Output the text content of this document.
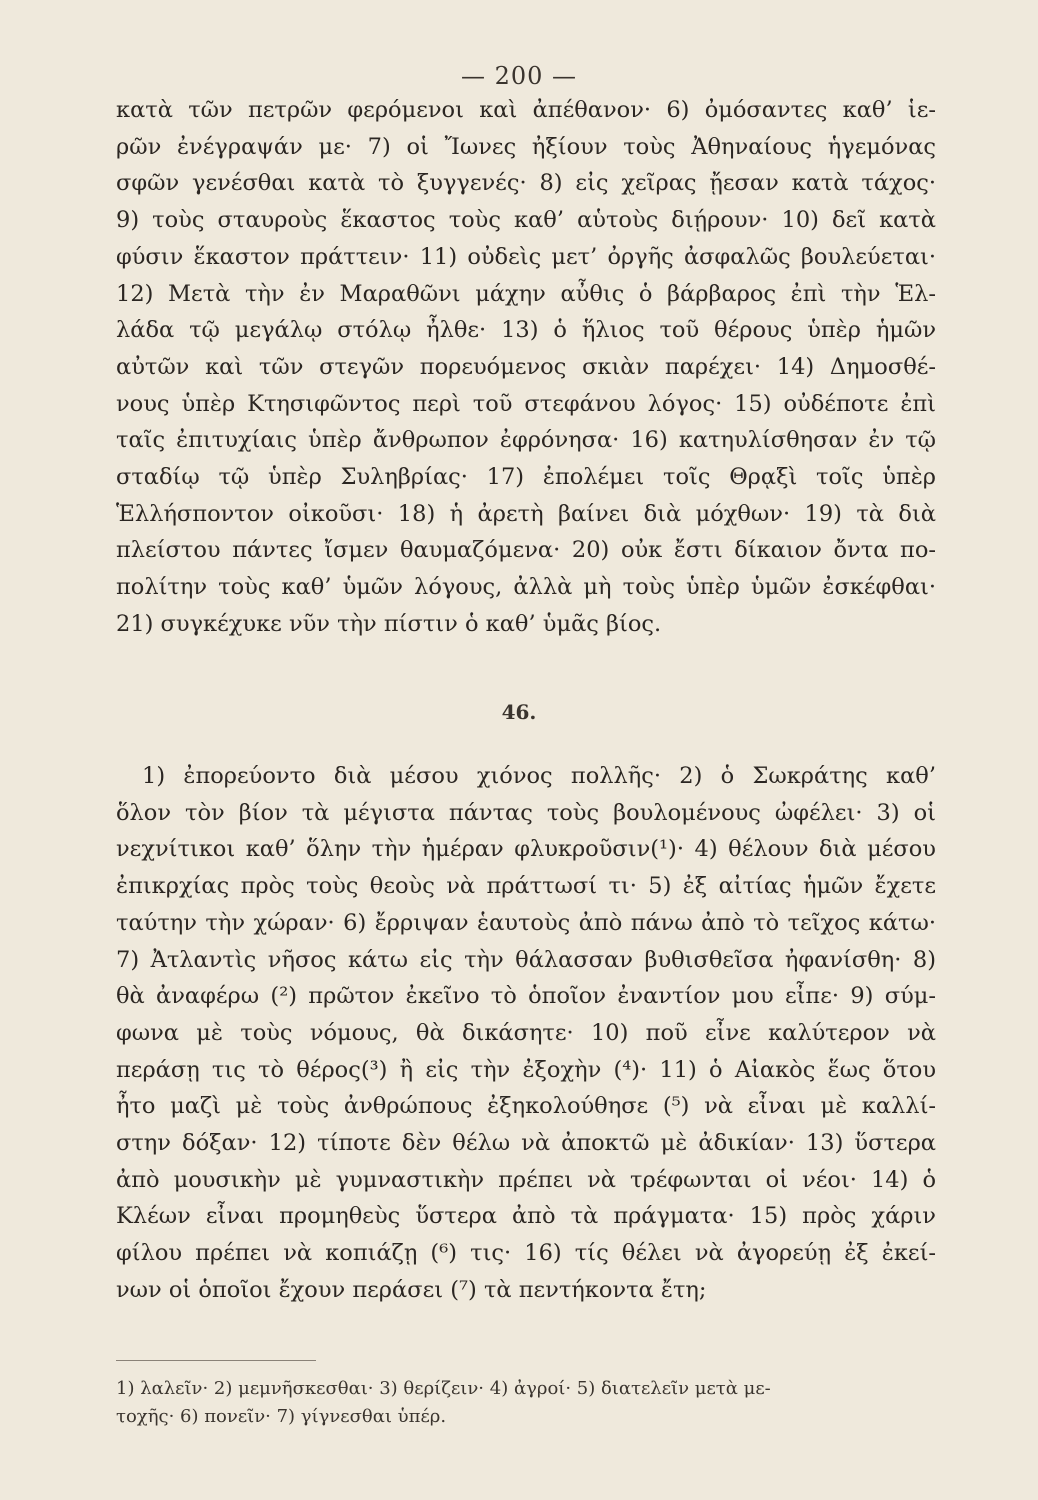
— 200 —
κατὰ τῶν πετρῶν φερόμενοι καὶ ἀπέθανον· 6) ὀμόσαντες καθ’ ἱε-
ρῶν ἐνέγραψάν με· 7) οἱ Ἴωνες ἠξίουν τοὺς Ἀθηναίους ἡγεμόνας
σφῶν γενέσθαι κατὰ τὸ ξυγγενές· 8) εἰς χεῖρας ᾔεσαν κατὰ τάχος·
9) τοὺς σταυροὺς ἕκαστος τοὺς καθ’ αὑτοὺς διῄρουν· 10) δεῖ κατὰ
φύσιν ἕκαστον πράττειν· 11) οὐδεὶς μετ’ ὀργῆς ἀσφαλῶς βουλεύεται·
12) Μετὰ τὴν ἐν Μαραθῶνι μάχην αὖθις ὁ βάρβαρος ἐπὶ τὴν Ἑλ-
λάδα τῷ μεγάλῳ στόλῳ ἦλθε· 13) ὁ ἥλιος τοῦ θέρους ὑπὲρ ἡμῶν
αὐτῶν καὶ τῶν στεγῶν πορευόμενος σκιὰν παρέχει· 14) Δημοσθέ-
νους ὑπὲρ Κτησιφῶντος περὶ τοῦ στεφάνου λόγος· 15) οὐδέποτε ἐπὶ
ταῖς ἐπιτυχίαις ὑπὲρ ἄνθρωπον ἐφρόνησα· 16) κατηυλίσθησαν ἐν τῷ
σταδίῳ τῷ ὑπὲρ Συληβρίας· 17) ἐπολέμει τοῖς Θρᾳξὶ τοῖς ὑπὲρ
Ἑλλήσποντον οἰκοῦσι· 18) ἡ ἀρετὴ βαίνει διὰ μόχθων· 19) τὰ διὰ
πλείστου πάντες ἴσμεν θαυμαζόμενα· 20) οὐκ ἔστι δίκαιον ὄντα πο-
πολίτην τοὺς καθ’ ὑμῶν λόγους, ἀλλὰ μὴ τοὺς ὑπὲρ ὑμῶν ἐσκέφθαι·
21) συγκέχυκε νῦν τὴν πίστιν ὁ καθ’ ὑμᾶς βίος.
46.
1) ἐπορεύοντο διὰ μέσου χιόνος πολλῆς· 2) ὁ Σωκράτης καθ’
ὅλον τὸν βίον τὰ μέγιστα πάντας τοὺς βουλομένους ὠφέλει· 3) οἱ
νεχνίτικοι καθ’ ὅλην τὴν ἡμέραν φλυκροῦσιν(¹)· 4) θέλουν διὰ μέσου
ἐπικρχίας πρὸς τοὺς θεοὺς νὰ πράττωσί τι· 5) ἐξ αἰτίας ἡμῶν ἔχετε
ταύτην τὴν χώραν· 6) ἔρριψαν ἑαυτοὺς ἀπὸ πάνω ἀπὸ τὸ τεῖχος κάτω·
7) Ἀτλαντὶς νῆσος κάτω εἰς τὴν θάλασσαν βυθισθεῖσα ἠφανίσθη· 8)
θὰ ἀναφέρω (²) πρῶτον ἐκεῖνο τὸ ὁποῖον ἐναντίον μου εἶπε· 9) σύμ-
φωνα μὲ τοὺς νόμους, θὰ δικάσητε· 10) ποῦ εἶνε καλύτερον νὰ
περάσῃ τις τὸ θέρος(³) ἢ εἰς τὴν ἐξοχὴν (⁴)· 11) ὁ Αἰακὸς ἕως ὅτου
ἦτο μαζὶ μὲ τοὺς ἀνθρώπους ἐξηκολούθησε (⁵) νὰ εἶναι μὲ καλλί-
στην δόξαν· 12) τίποτε δὲν θέλω νὰ ἀποκτῶ μὲ ἀδικίαν· 13) ὕστερα
ἀπὸ μουσικὴν μὲ γυμναστικὴν πρέπει νὰ τρέφωνται οἱ νέοι· 14) ὁ
Κλέων εἶναι προμηθεὺς ὕστερα ἀπὸ τὰ πράγματα· 15) πρὸς χάριν
φίλου πρέπει νὰ κοπιάζῃ (⁶) τις· 16) τίς θέλει νὰ ἀγορεύῃ ἐξ ἐκεί-
νων οἱ ὁποῖοι ἔχουν περάσει (⁷) τὰ πεντήκοντα ἔτη;
1) λαλεῖν· 2) μεμνῆσκεσθαι· 3) θερίζειν· 4) ἀγροί· 5) διατελεῖν μετὰ με-
τοχῆς· 6) πονεῖν· 7) γίγνεσθαι ὑπέρ.
